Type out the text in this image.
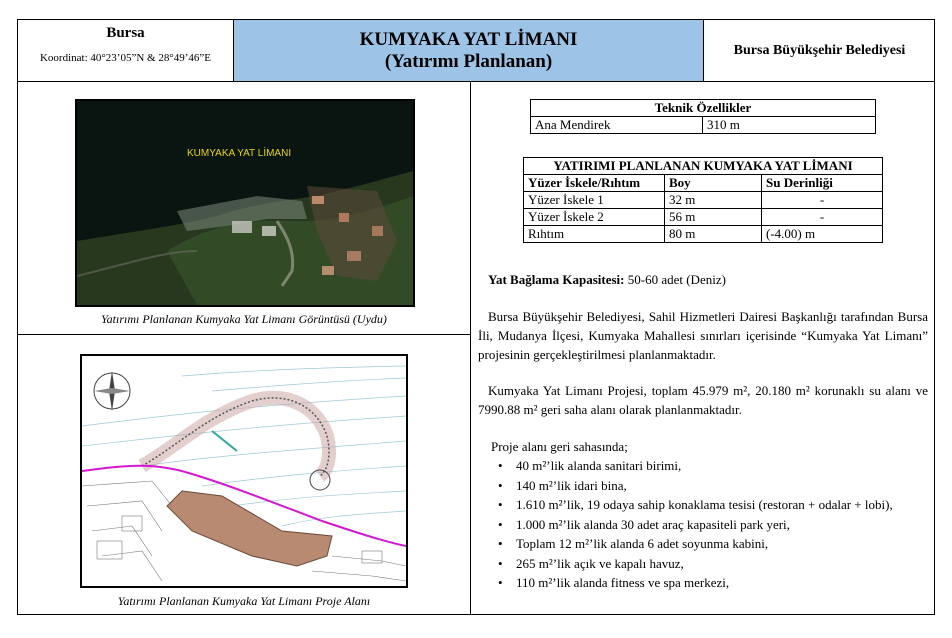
Bursa
Koordinat: 40°23’05”N & 28°49’46”E
KUMYAKA YAT LİMANI
(Yatırımı Planlanan)
Bursa Büyükşehir Belediyesi
KUMYAKA YAT LİMANI
Yatırımı Planlanan Kumyaka Yat Limanı Görüntüsü (Uydu)
Yatırımı Planlanan Kumyaka Yat Limanı Proje Alanı
Teknik Özellikler
Ana Mendirek	310 m
YATIRIMI PLANLANAN KUMYAKA YAT LİMANI		
Yüzer İskele/Rıhtım	Boy	Su Derinliği
Yüzer İskele 1	32 m	-
Yüzer İskele 2	56 m	-
Rıhtım	80 m	(-4.00) m
Yat Bağlama Kapasitesi: 50-60 adet (Deniz)
Bursa Büyükşehir Belediyesi, Sahil Hizmetleri Dairesi Başkanlığı tarafından Bursa İli, Mudanya İlçesi, Kumyaka Mahallesi sınırları içerisinde “Kumyaka Yat Limanı” projesinin gerçekleştirilmesi planlanmaktadır.
Kumyaka Yat Limanı Projesi, toplam 45.979 m², 20.180 m² korunaklı su alanı ve 7990.88 m² geri saha alanı olarak planlanmaktadır.
Proje alanı geri sahasında;
• 40 m²’lik alanda sanitari birimi,
• 140 m²’lik idari bina,
• 1.610 m²’lik, 19 odaya sahip konaklama tesisi (restoran + odalar + lobi),
• 1.000 m²’lik alanda 30 adet araç kapasiteli park yeri,
• Toplam 12 m²’lik alanda 6 adet soyunma kabini,
• 265 m²’lik açık ve kapalı havuz,
• 110 m²’lik alanda fitness ve spa merkezi,
